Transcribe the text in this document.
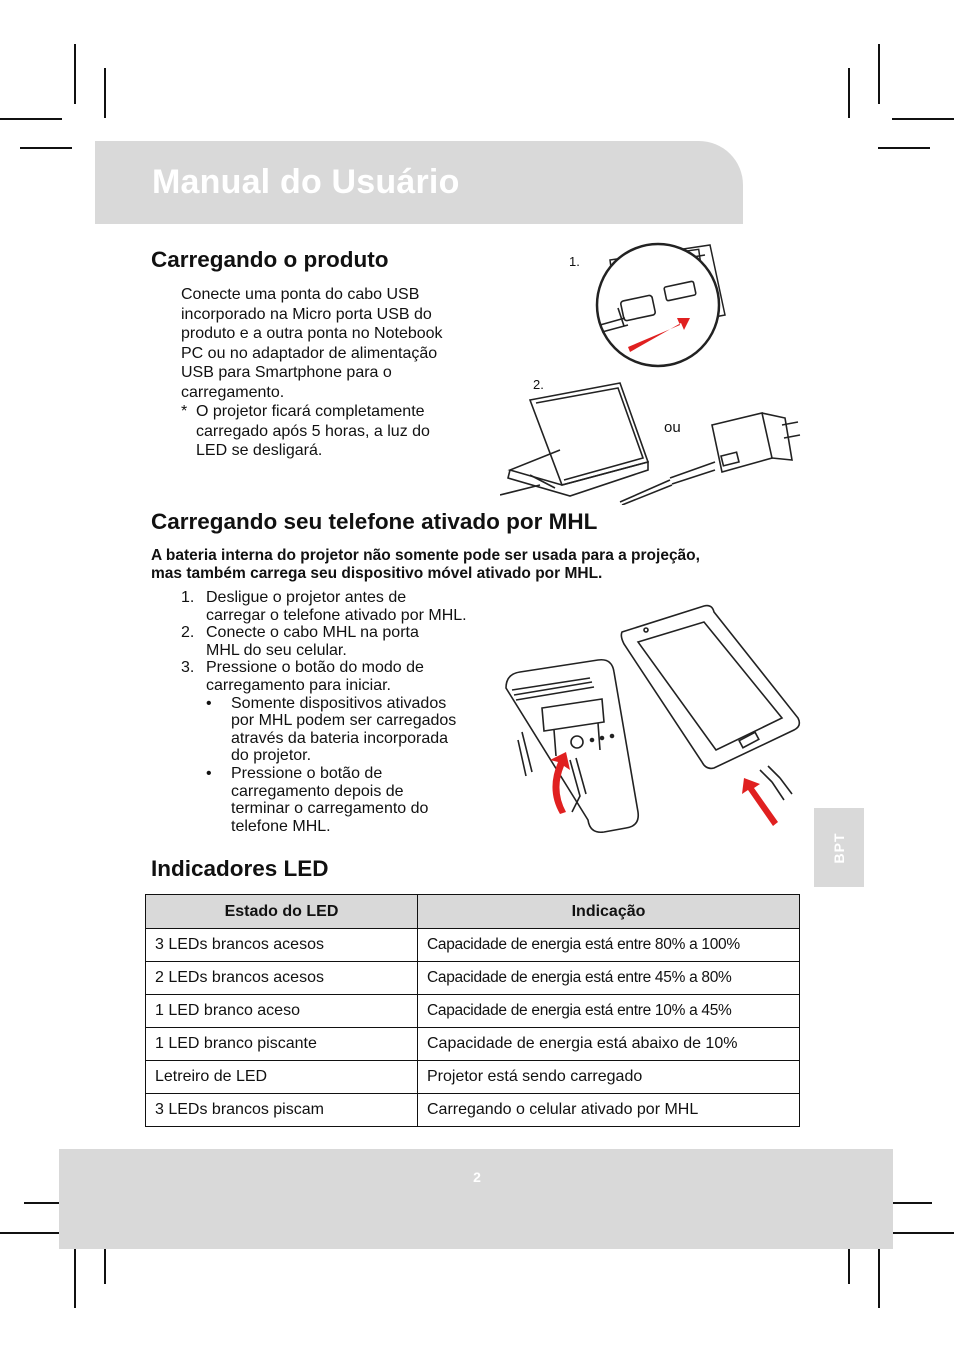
Manual do Usuário
Carregando o produto

Conecte uma ponta do cabo USB

incorporado na Micro porta USB do

produto e a outra ponta no Notebook

PC ou no adaptador de alimentação

USB para Smartphone para o

carregamento.

* O projetor ficará completamente

carregado após 5 horas, a luz do

LED se desligará.

1.
2.
ou
Carregando seu telefone ativado por MHL
A bateria interna do projetor não somente pode ser usada para a projeção,
mas também carrega seu dispositivo móvel ativado por MHL.
1. Desligue o projetor antes de
carregar o telefone ativado por MHL.
2. Conecte o cabo MHL na porta
MHL do seu celular.
3. Pressione o botão do modo de
carregamento para iniciar.
•	Somente dispositivos ativados
por MHL podem ser carregados
através da bateria incorporada
do projetor.
•	Pressione o botão de
carregamento depois de
terminar o carregamento do
telefone MHL.
BPT
Indicadores LED
Estado do LED	Indicação
3 LEDs brancos acesos	Capacidade de energia está entre 80% a 100%
2 LEDs brancos acesos	Capacidade de energia está entre 45% a 80%
1 LED branco aceso	Capacidade de energia está entre 10% a 45%
1 LED branco piscante	Capacidade de energia está abaixo de 10%
Letreiro de LED	Projetor está sendo carregado
3 LEDs brancos piscam	Carregando o celular ativado por MHL
2
